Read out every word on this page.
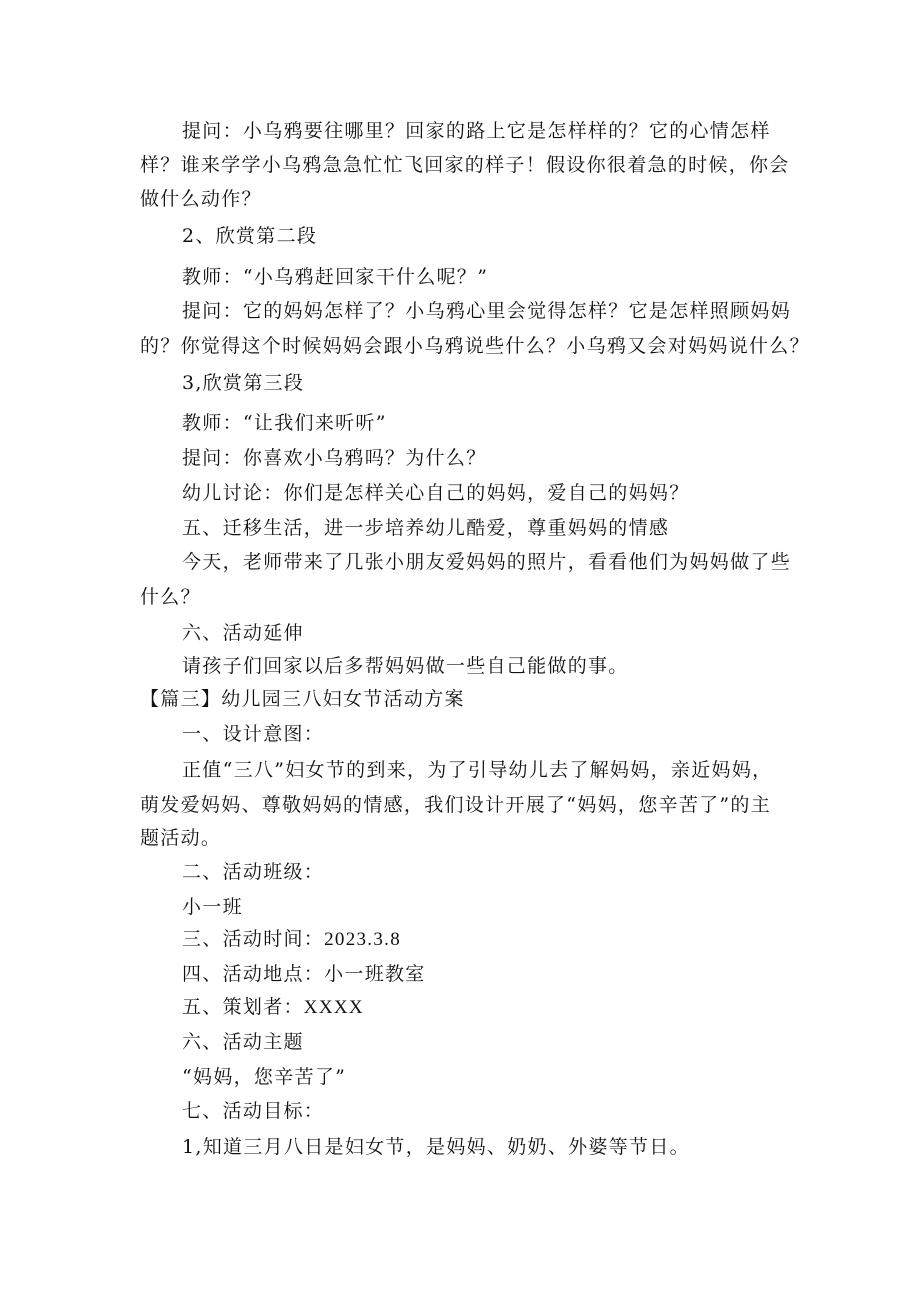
提问：小乌鸦要往哪里？回家的路上它是怎样样的？它的心情怎样
样？谁来学学小乌鸦急急忙忙飞回家的样子！假设你很着急的时候，你会
做什么动作？
2、欣赏第二段
教师：“小乌鸦赶回家干什么呢？”
提问：它的妈妈怎样了？小乌鸦心里会觉得怎样？它是怎样照顾妈妈
的？你觉得这个时候妈妈会跟小乌鸦说些什么？小乌鸦又会对妈妈说什么？
3,欣赏第三段
教师：“让我们来听听”
提问：你喜欢小乌鸦吗？为什么？
幼儿讨论：你们是怎样关心自己的妈妈，爱自己的妈妈？
五、迁移生活，进一步培养幼儿酷爱，尊重妈妈的情感
今天，老师带来了几张小朋友爱妈妈的照片，看看他们为妈妈做了些
什么？
六、活动延伸
请孩子们回家以后多帮妈妈做一些自己能做的事。
【篇三】幼儿园三八妇女节活动方案
一、设计意图：
正值“三八”妇女节的到来，为了引导幼儿去了解妈妈，亲近妈妈，
萌发爱妈妈、尊敬妈妈的情感，我们设计开展了“妈妈，您辛苦了”的主
题活动。
二、活动班级：
小一班
三、活动时间：2023.3.8
四、活动地点：小一班教室
五、策划者：XXXX
六、活动主题
“妈妈，您辛苦了”
七、活动目标：
1,知道三月八日是妇女节，是妈妈、奶奶、外婆等节日。
